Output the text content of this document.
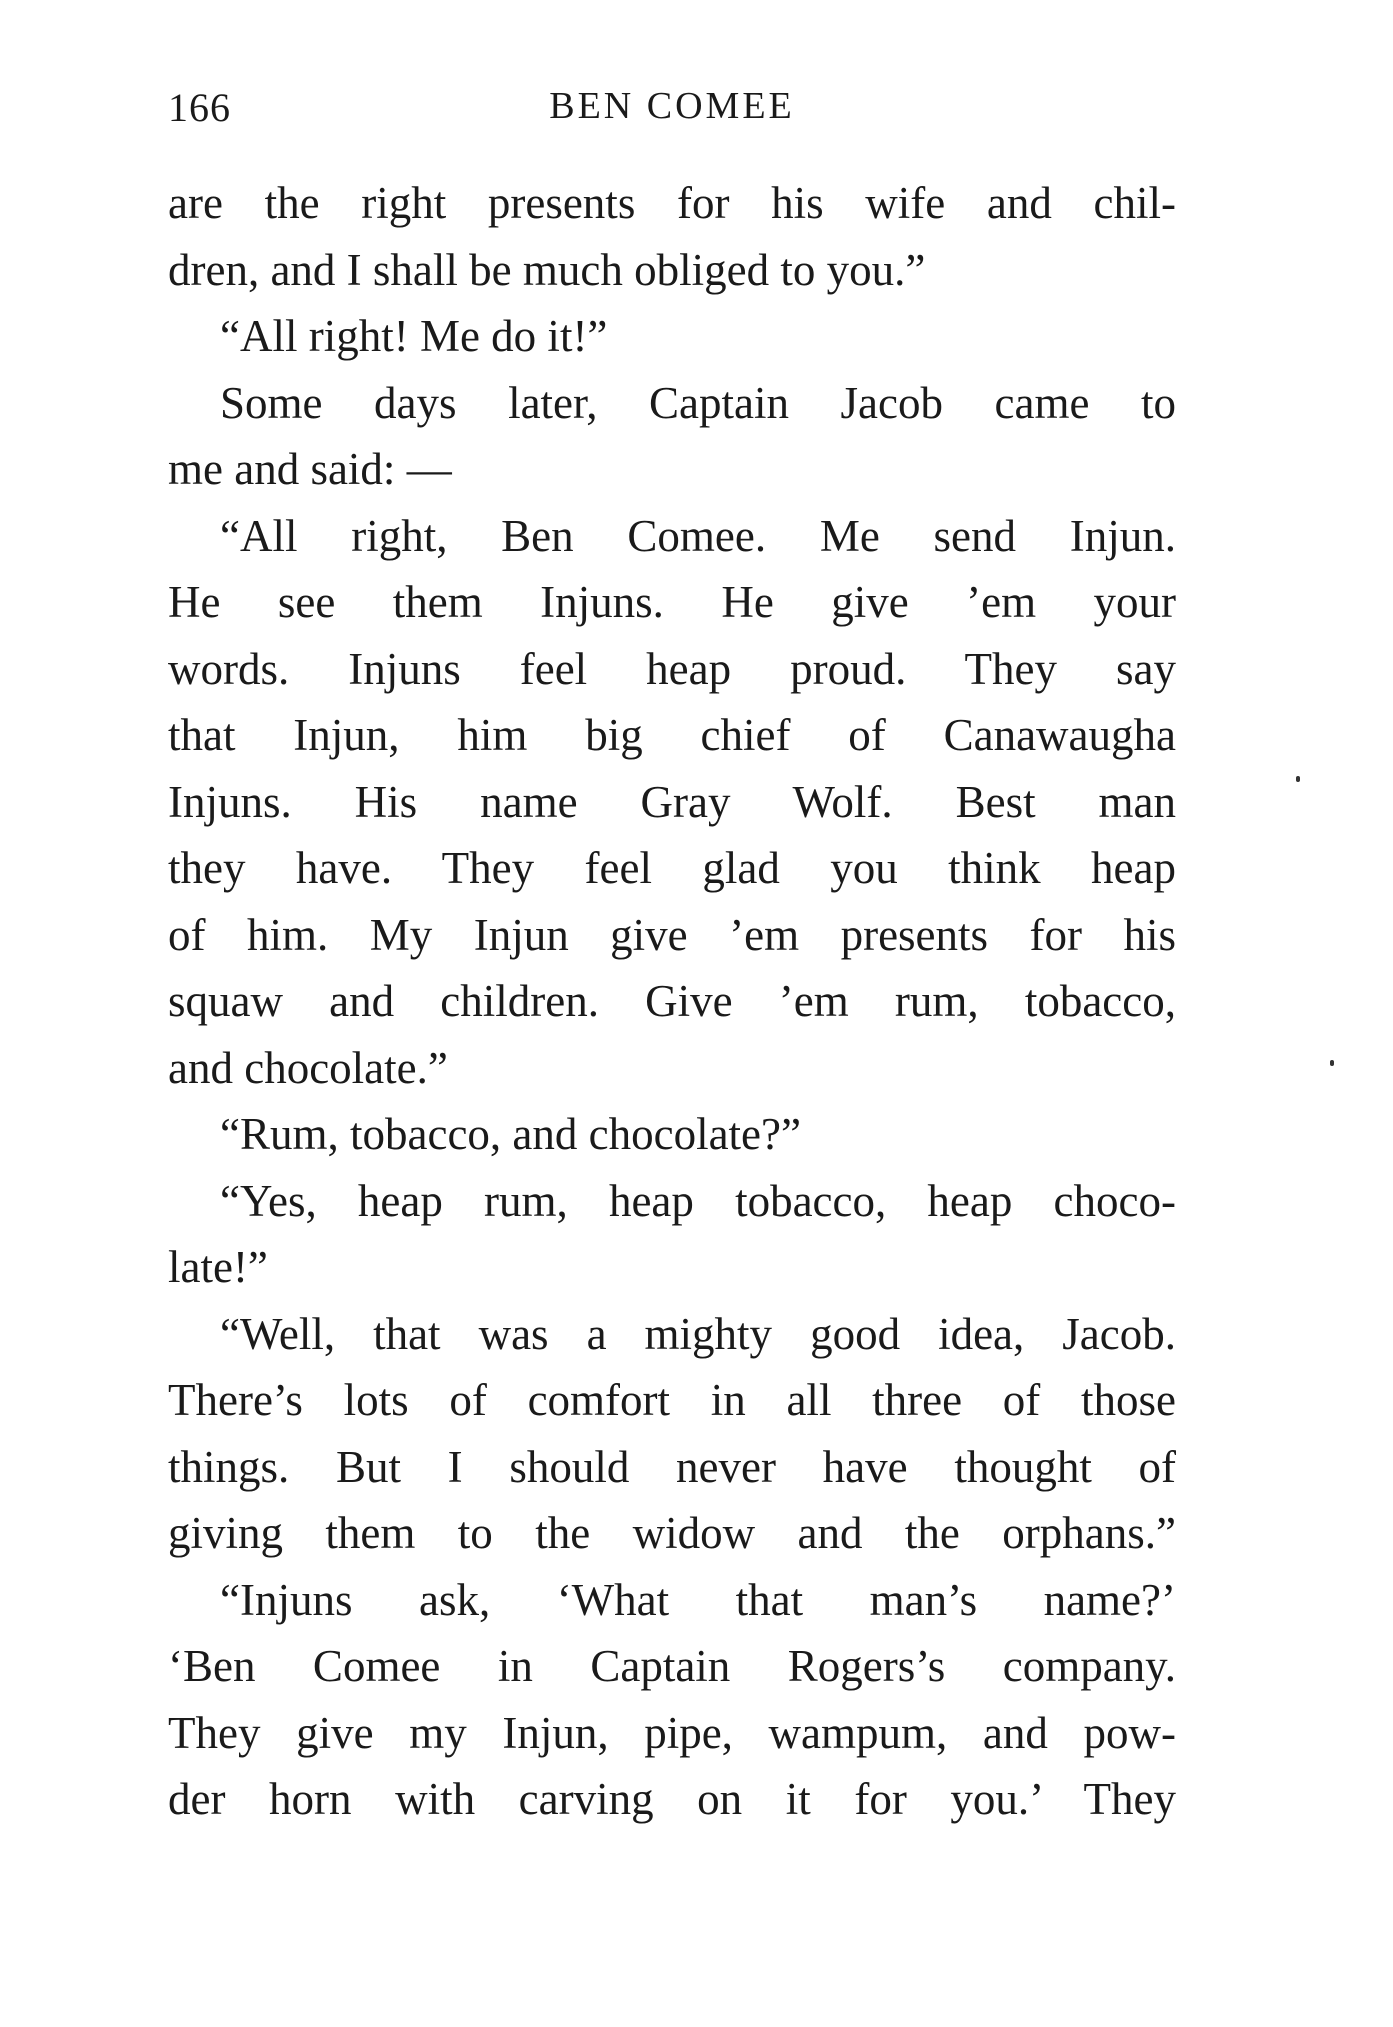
166	BEN COMEE
are the right presents for his wife and chil-
dren, and I shall be much obliged to you.”
“All right! Me do it!”
Some days later, Captain Jacob came to
me and said: —
“All right, Ben Comee. Me send Injun.
He see them Injuns. He give ’em your
words. Injuns feel heap proud. They say
that Injun, him big chief of Canawaugha
Injuns. His name Gray Wolf. Best man
they have. They feel glad you think heap
of him. My Injun give ’em presents for his
squaw and children. Give ’em rum, tobacco,
and chocolate.”
“Rum, tobacco, and chocolate?”
“Yes, heap rum, heap tobacco, heap choco-
late!”
“Well, that was a mighty good idea, Jacob.
There’s lots of comfort in all three of those
things. But I should never have thought of
giving them to the widow and the orphans.”
“Injuns ask, ‘What that man’s name?’
‘Ben Comee in Captain Rogers’s company.
They give my Injun, pipe, wampum, and pow-
der horn with carving on it for you.’ They
